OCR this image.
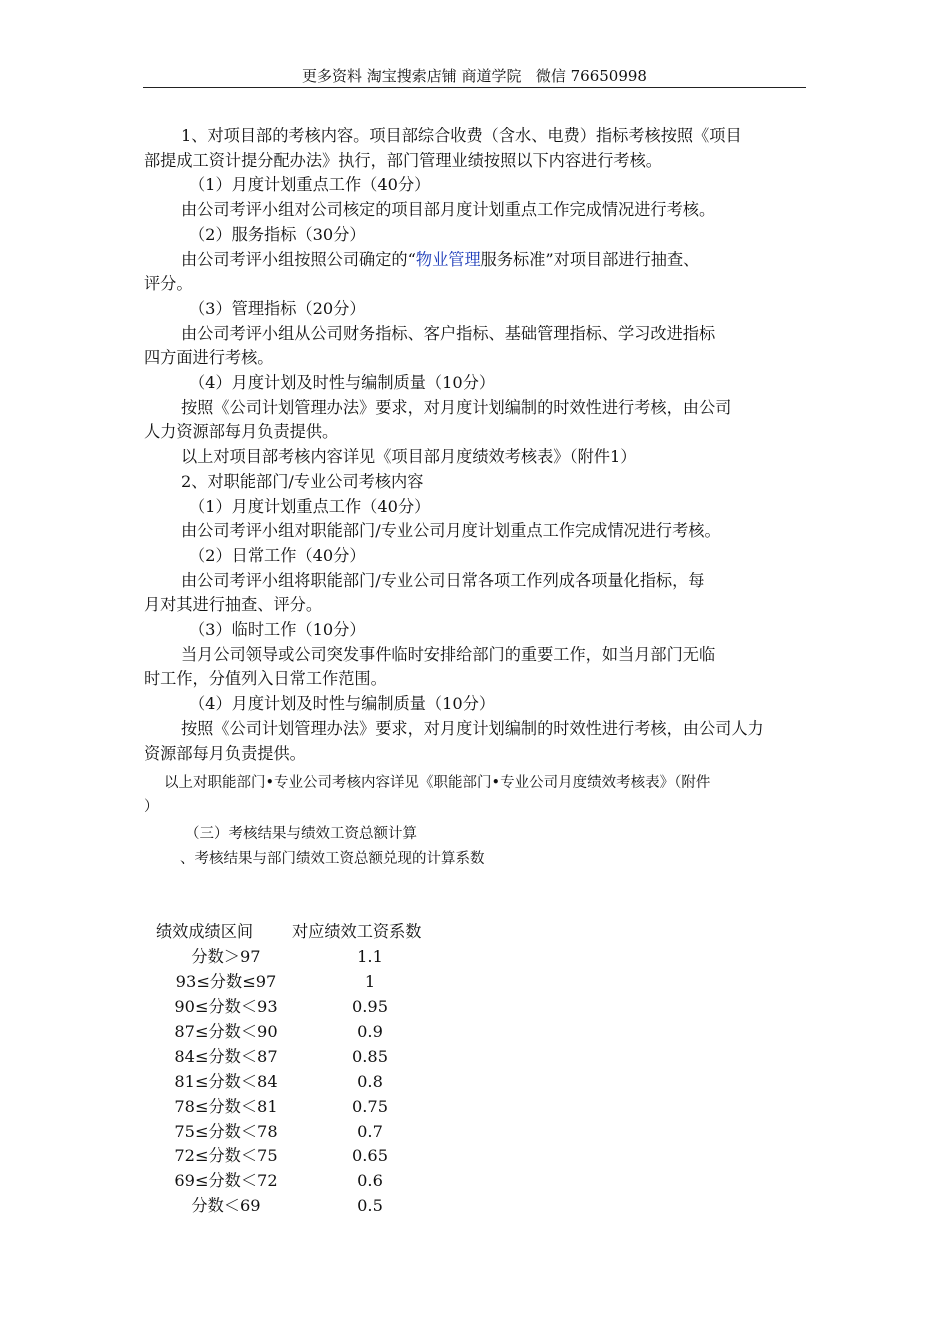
更多资料 淘宝搜索店铺 商道学院   微信 76650998

1、对项目部的考核内容。项目部综合收费（含水、电费）指标考核按照《项目

部提成工资计提分配办法》执行，部门管理业绩按照以下内容进行考核。

（1）月度计划重点工作（40分）

由公司考评小组对公司核定的项目部月度计划重点工作完成情况进行考核。

（2）服务指标（30分）

由公司考评小组按照公司确定的“物业管理服务标准”对项目部进行抽查、

评分。

（3）管理指标（20分）

由公司考评小组从公司财务指标、客户指标、基础管理指标、学习改进指标

四方面进行考核。

（4）月度计划及时性与编制质量（10分）

按照《公司计划管理办法》要求，对月度计划编制的时效性进行考核，由公司

人力资源部每月负责提供。

以上对项目部考核内容详见《项目部月度绩效考核表》（附件1）

2、对职能部门/专业公司考核内容

（1）月度计划重点工作（40分）

由公司考评小组对职能部门/专业公司月度计划重点工作完成情况进行考核。

（2）日常工作（40分）

由公司考评小组将职能部门/专业公司日常各项工作列成各项量化指标，每

月对其进行抽查、评分。

（3）临时工作（10分）

当月公司领导或公司突发事件临时安排给部门的重要工作，如当月部门无临

时工作，分值列入日常工作范围。

（4）月度计划及时性与编制质量（10分）

按照《公司计划管理办法》要求，对月度计划编制的时效性进行考核，由公司人力

资源部每月负责提供。

以上对职能部门•专业公司考核内容详见《职能部门•专业公司月度绩效考核表》（附件
）
（三）考核结果与绩效工资总额计算
、考核结果与部门绩效工资总额兑现的计算系数
绩效成绩区间	对应绩效工资系数
分数＞97	1.1
93≤分数≤97	1
90≤分数＜93	0.95
87≤分数＜90	0.9
84≤分数＜87	0.85
81≤分数＜84	0.8
78≤分数＜81	0.75
75≤分数＜78	0.7
72≤分数＜75	0.65
69≤分数＜72	0.6
分数＜69	0.5
